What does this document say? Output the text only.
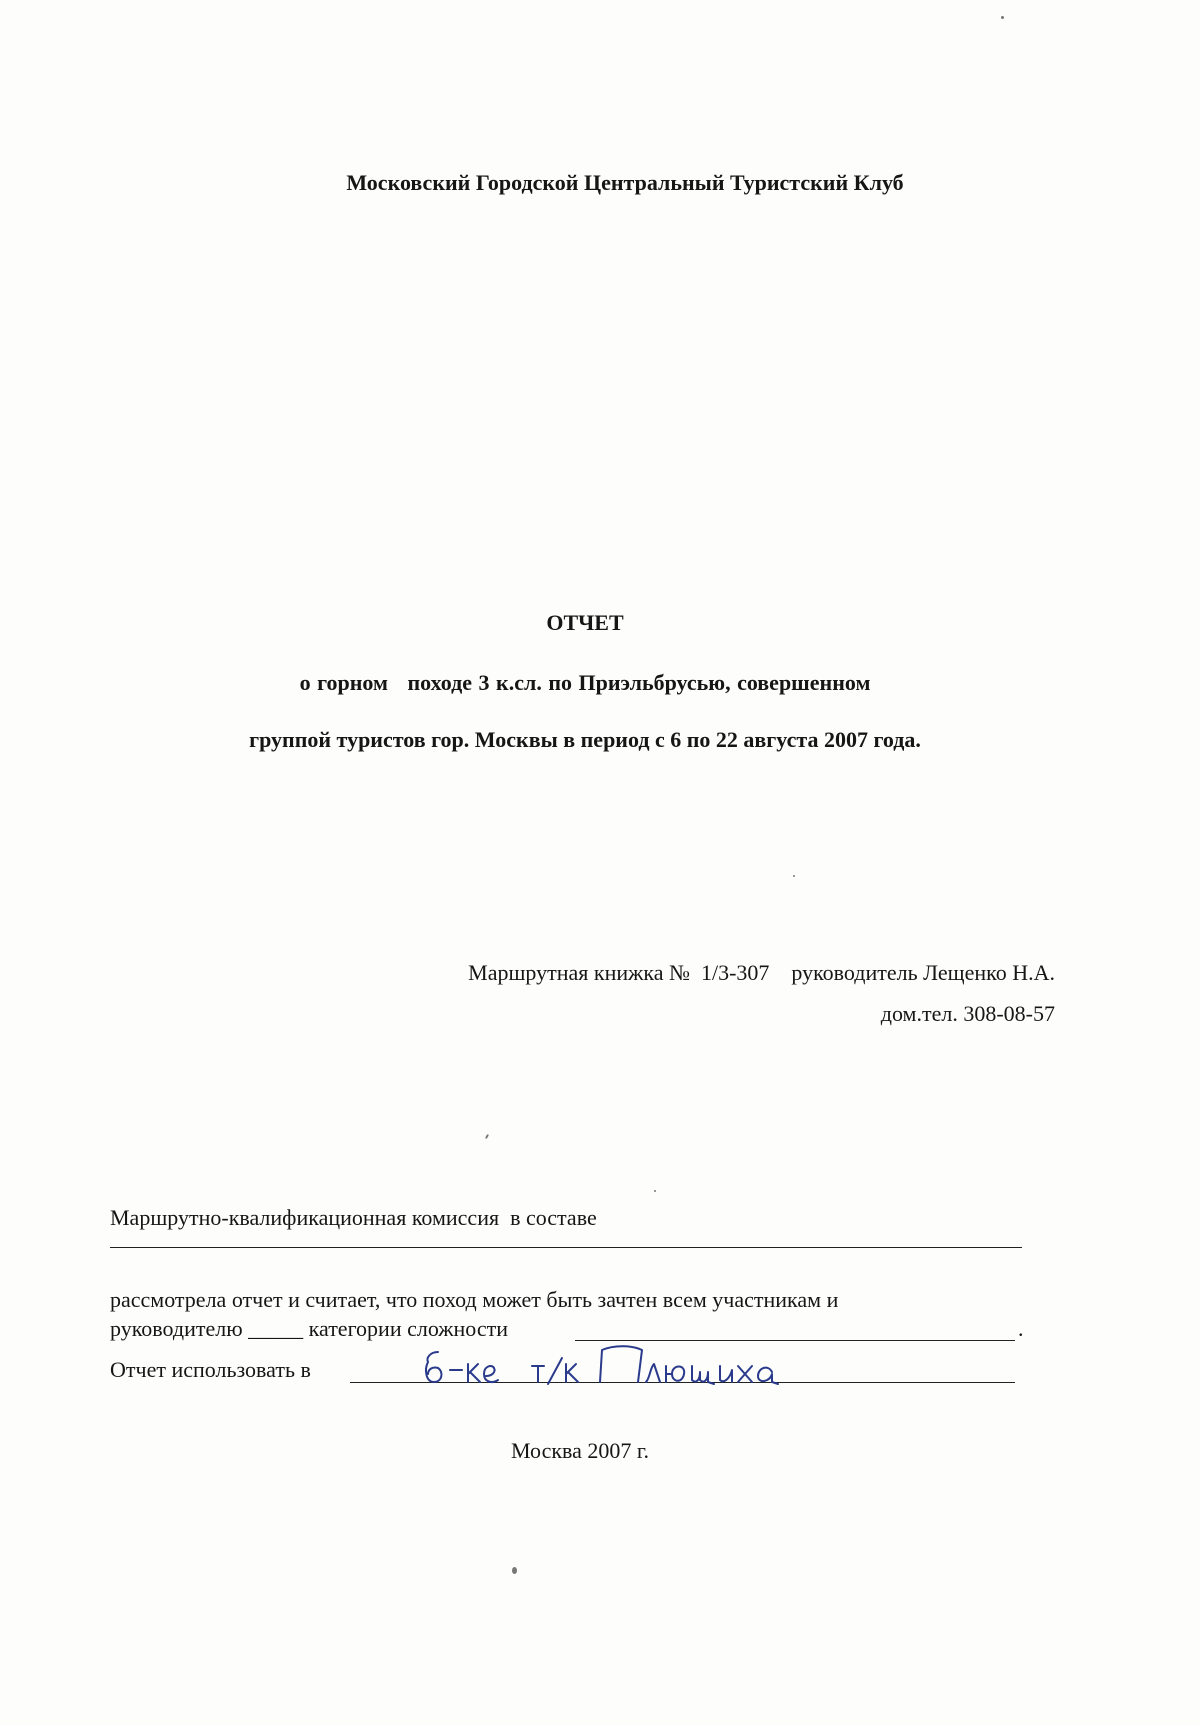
Московский Городской Центральный Туристский Клуб
ОТЧЕТ
о горном   походе 3 к.сл. по Приэльбрусью, совершенном
группой туристов гор. Москвы в период с 6 по 22 августа 2007 года.
Маршрутная книжка №  1/3-307    руководитель Лещенко Н.А.
дом.тел. 308-08-57
Маршрутно-квалификационная комиссия  в составе
рассмотрела отчет и считает, что поход может быть зачтен всем участникам и
руководителю _____ категории сложности	.
Отчет использовать в
Москва 2007 г.
